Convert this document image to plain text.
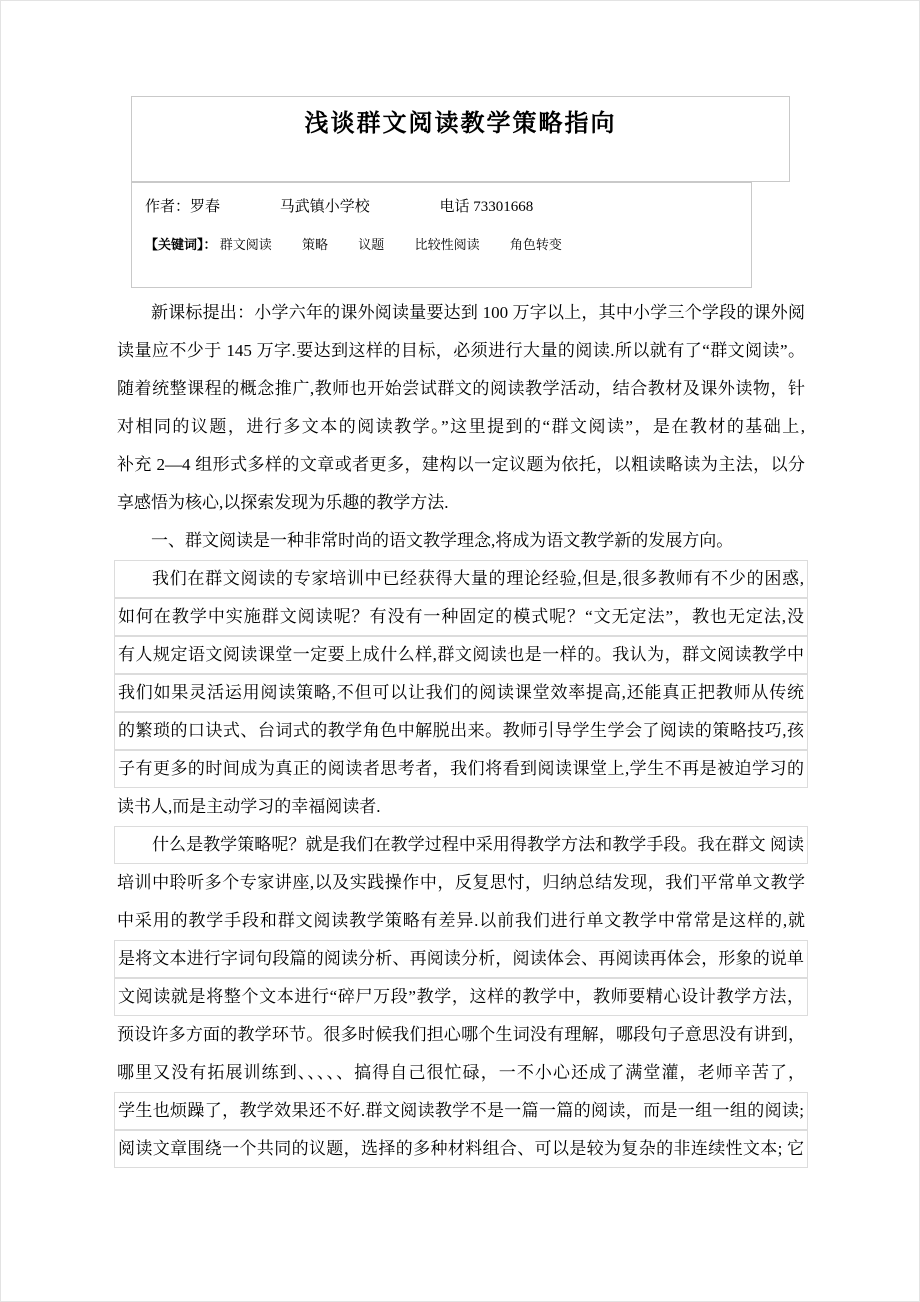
浅谈群文阅读教学策略指向
作者：罗春	马武镇小学校	电话 73301668
【关键词】： 群文阅读 策略 议题 比较性阅读 角色转变
新课标提出：小学六年的课外阅读量要达到 100 万字以上，其中小学三个学段的课外阅
读量应不少于 145 万字.要达到这样的目标，必须进行大量的阅读.所以就有了“群文阅读”。
随着统整课程的概念推广,教师也开始尝试群文的阅读教学活动，结合教材及课外读物，针
对相同的议题，进行多文本的阅读教学。”这里提到的“群文阅读”，是在教材的基础上,
补充 2—4 组形式多样的文章或者更多，建构以一定议题为依托，以粗读略读为主法，以分
享感悟为核心,以探索发现为乐趣的教学方法.
一、群文阅读是一种非常时尚的语文教学理念,将成为语文教学新的发展方向。
我们在群文阅读的专家培训中已经获得大量的理论经验,但是,很多教师有不少的困惑,
如何在教学中实施群文阅读呢？有没有一种固定的模式呢？“文无定法”，教也无定法,没
有人规定语文阅读课堂一定要上成什么样,群文阅读也是一样的。我认为，群文阅读教学中
我们如果灵活运用阅读策略,不但可以让我们的阅读课堂效率提高,还能真正把教师从传统
的繁琐的口诀式、台词式的教学角色中解脱出来。教师引导学生学会了阅读的策略技巧,孩
子有更多的时间成为真正的阅读者思考者，我们将看到阅读课堂上,学生不再是被迫学习的
读书人,而是主动学习的幸福阅读者.
什么是教学策略呢？就是我们在教学过程中采用得教学方法和教学手段。我在群文 阅读
培训中聆听多个专家讲座,以及实践操作中，反复思忖，归纳总结发现，我们平常单文教学
中采用的教学手段和群文阅读教学策略有差异.以前我们进行单文教学中常常是这样的,就
是将文本进行字词句段篇的阅读分析、再阅读分析，阅读体会、再阅读再体会，形象的说单
文阅读就是将整个文本进行“碎尸万段”教学，这样的教学中，教师要精心设计教学方法，
预设许多方面的教学环节。很多时候我们担心哪个生词没有理解，哪段句子意思没有讲到，
哪里又没有拓展训练到、、、、、搞得自己很忙碌，一不小心还成了满堂灌，老师辛苦了，
学生也烦躁了，教学效果还不好.群文阅读教学不是一篇一篇的阅读，而是一组一组的阅读;
阅读文章围绕一个共同的议题，选择的多种材料组合、可以是较为复杂的非连续性文本; 它
